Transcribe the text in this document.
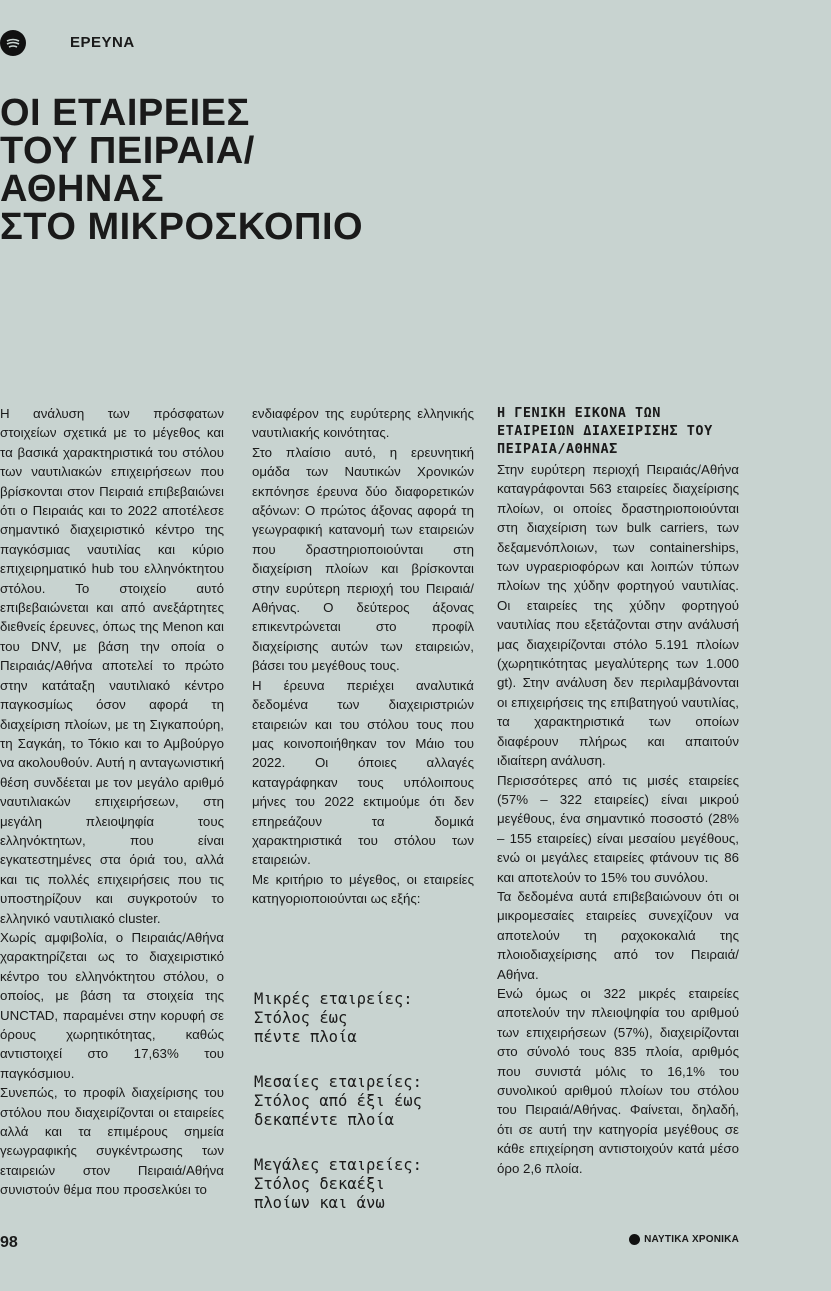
ΕΡΕΥΝΑ
ΟΙ ΕΤΑΙΡΕΙΕΣ
ΤΟΥ ΠΕΙΡΑΙΑ/
ΑΘΗΝΑΣ
ΣΤΟ ΜΙΚΡΟΣΚΟΠΙΟ

Η ανάλυση των πρόσφατων στοιχείων σχετικά με το μέγεθος και τα βασικά χαρακτηριστικά του στόλου των ναυτιλιακών επιχειρήσεων που βρίσκονται στον Πειραιά επιβεβαιώνει ότι ο Πειραιάς και το 2022 αποτέλεσε σημαντικό διαχειριστικό κέντρο της παγκόσμιας ναυτιλίας και κύριο επιχειρηματικό hub του ελληνόκτητου στόλου. Το στοιχείο αυτό επιβεβαιώνεται και από ανεξάρτητες διεθνείς έρευνες, όπως της Menon και του DNV, με βάση την οποία ο Πειραιάς/Αθήνα αποτελεί το πρώτο στην κατάταξη ναυτιλιακό κέντρο παγκοσμίως όσον αφορά τη διαχείριση πλοίων, με τη Σιγκαπούρη, τη Σαγκάη, το Τόκιο και το Αμβούργο να ακολουθούν. Αυτή η ανταγωνιστική θέση συνδέεται με τον μεγάλο αριθμό ναυτιλιακών επιχειρήσεων, στη μεγάλη πλειοψηφία τους ελληνόκτητων, που είναι εγκατεστημένες στα όριά του, αλλά και τις πολλές επιχειρήσεις που τις υποστηρίζουν και συγκροτούν το ελληνικό ναυτιλιακό cluster.

Χωρίς αμφιβολία, ο Πειραιάς/Αθήνα χαρακτηρίζεται ως το διαχειριστικό κέντρο του ελληνόκτητου στόλου, ο οποίος, με βάση τα στοιχεία της UNCTAD, παραμένει στην κορυφή σε όρους χωρητικότητας, καθώς αντιστοιχεί στο 17,63% του παγκόσμιου.

Συνεπώς, το προφίλ διαχείρισης του στόλου που διαχειρίζονται οι εταιρείες αλλά και τα επιμέρους σημεία γεωγραφικής συγκέντρωσης των εταιρειών στον Πειραιά/Αθήνα συνιστούν θέμα που προσελκύει το

ενδιαφέρον της ευρύτερης ελληνικής ναυτιλιακής κοινότητας.

Στο πλαίσιο αυτό, η ερευνητική ομάδα των Ναυτικών Χρονικών εκπόνησε έρευνα δύο διαφορετικών αξόνων: Ο πρώτος άξονας αφορά τη γεωγραφική κατανομή των εταιρειών που δραστηριοποιούνται στη διαχείριση πλοίων και βρίσκονται στην ευρύτερη περιοχή του Πειραιά/Αθήνας. Ο δεύτερος άξονας επικεντρώνεται στο προφίλ διαχείρισης αυτών των εταιρειών, βάσει του μεγέθους τους.

Η έρευνα περιέχει αναλυτικά δεδομένα των διαχειριστριών εταιρειών και του στόλου τους που μας κοινοποιήθηκαν τον Μάιο του 2022. Οι όποιες αλλαγές καταγράφηκαν τους υπόλοιπους μήνες του 2022 εκτιμούμε ότι δεν επηρεάζουν τα δομικά χαρακτηριστικά του στόλου των εταιρειών.

Με κριτήριο το μέγεθος, οι εταιρείες κατηγοριοποιούνται ως εξής:

Η ΓΕΝΙΚΗ ΕΙΚΟΝΑ ΤΩΝ ΕΤΑΙΡΕΙΩΝ ΔΙΑΧΕΙΡΙΣΗΣ ΤΟΥ ΠΕΙΡΑΙΑ/ΑΘΗΝΑΣ

Στην ευρύτερη περιοχή Πειραιάς/Αθήνα καταγράφονται 563 εταιρείες διαχείρισης πλοίων, οι οποίες δραστηριοποιούνται στη διαχείριση των bulk carriers, των δεξαμενόπλοιων, των containerships, των υγραεριοφόρων και λοιπών τύπων πλοίων της χύδην φορτηγού ναυτιλίας. Οι εταιρείες της χύδην φορτηγού ναυτιλίας που εξετάζονται στην ανάλυσή μας διαχειρίζονται στόλο 5.191 πλοίων (χωρητικότητας μεγαλύτερης των 1.000 gt). Στην ανάλυση δεν περιλαμβάνονται οι επιχειρήσεις της επιβατηγού ναυτιλίας, τα χαρακτηριστικά των οποίων διαφέρουν πλήρως και απαιτούν ιδιαίτερη ανάλυση.

Περισσότερες από τις μισές εταιρείες (57% – 322 εταιρείες) είναι μικρού μεγέθους, ένα σημαντικό ποσοστό (28% – 155 εταιρείες) είναι μεσαίου μεγέθους, ενώ οι μεγάλες εταιρείες φτάνουν τις 86 και αποτελούν το 15% του συνόλου.

Τα δεδομένα αυτά επιβεβαιώνουν ότι οι μικρομεσαίες εταιρείες συνεχίζουν να αποτελούν τη ραχοκοκαλιά της πλοιοδιαχείρισης από τον Πειραιά/Αθήνα.

Ενώ όμως οι 322 μικρές εταιρείες αποτελούν την πλειοψηφία του αριθμού των επιχειρήσεων (57%), διαχειρίζονται στο σύνολό τους 835 πλοία, αριθμός που συνιστά μόλις το 16,1% του συνολικού αριθμού πλοίων του στόλου του Πειραιά/Αθήνας. Φαίνεται, δηλαδή, ότι σε αυτή την κατηγορία μεγέθους σε κάθε επιχείρηση αντιστοιχούν κατά μέσο όρο 2,6 πλοία.

Μικρές εταιρείες:
Στόλος έως
πέντε πλοία
Μεσαίες εταιρείες:
Στόλος από έξι έως
δεκαπέντε πλοία
Μεγάλες εταιρείες:
Στόλος δεκαέξι
πλοίων και άνω
98	ΝΑΥΤΙΚΑ ΧΡΟΝΙΚΑ
